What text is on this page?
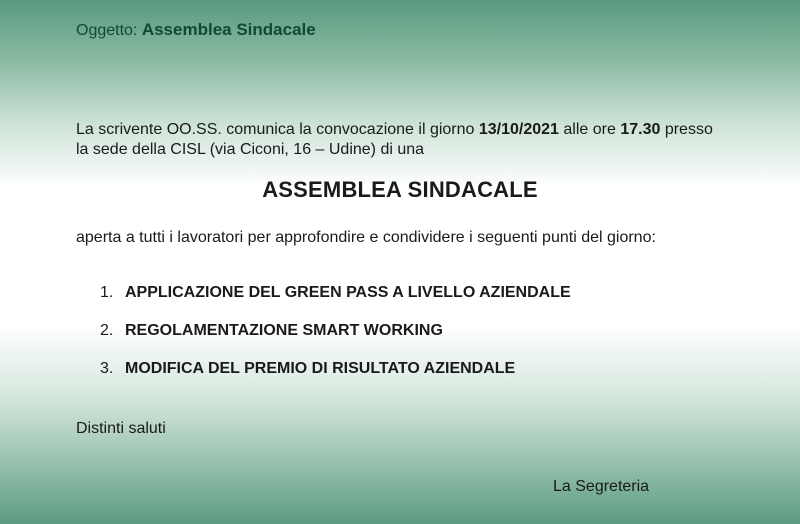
Oggetto: Assemblea Sindacale
La scrivente OO.SS. comunica la convocazione il giorno 13/10/2021 alle ore 17.30 presso
la sede della CISL (via Ciconi, 16 – Udine) di una
ASSEMBLEA SINDACALE
aperta a tutti i lavoratori per approfondire e condividere i seguenti punti del giorno:
1. APPLICAZIONE DEL GREEN PASS A LIVELLO AZIENDALE
2. REGOLAMENTAZIONE SMART WORKING
3. MODIFICA DEL PREMIO DI RISULTATO AZIENDALE
Distinti saluti
La Segreteria
